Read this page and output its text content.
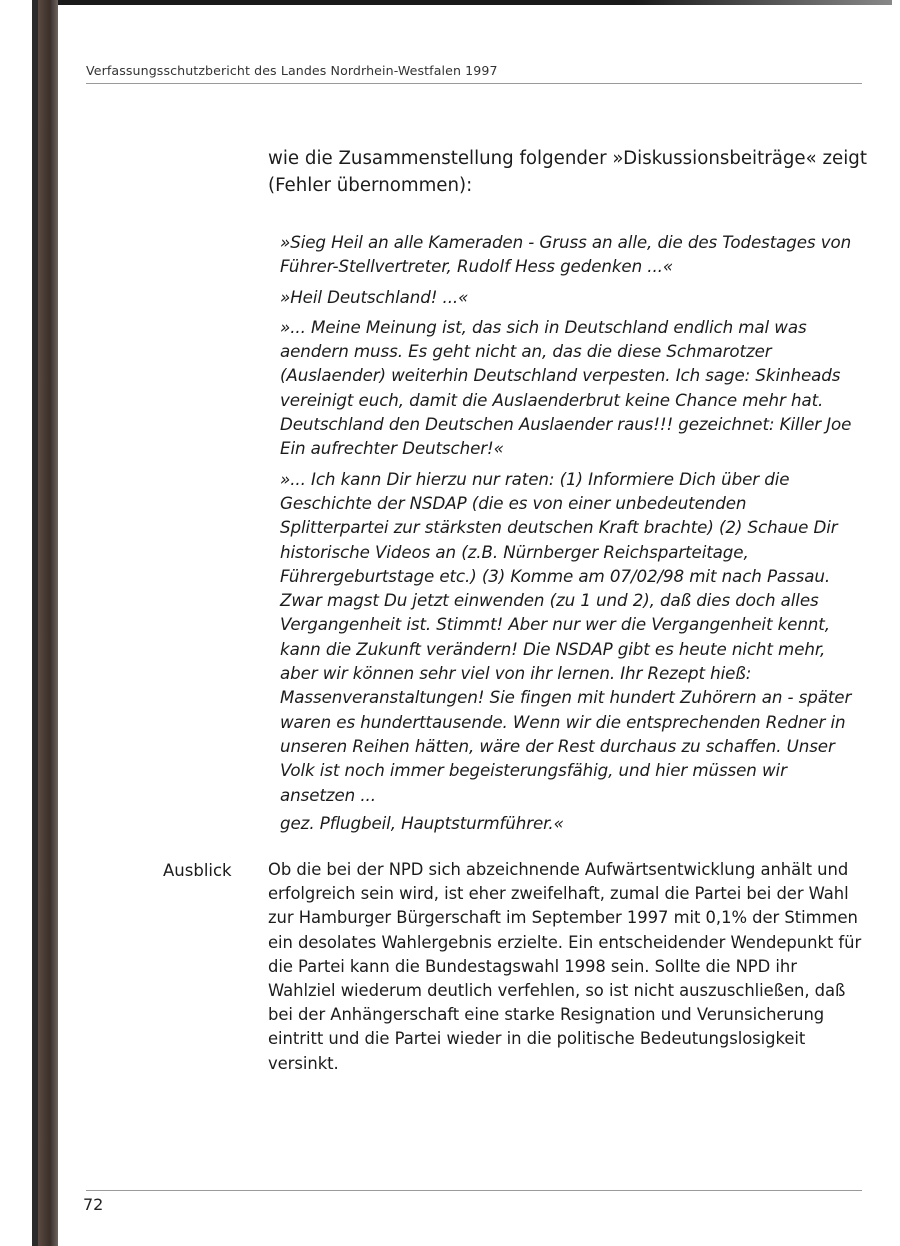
Verfassungsschutzbericht des Landes Nordrhein-Westfalen 1997

wie die Zusammenstellung folgender »Diskussionsbeiträge« zeigt (Fehler übernommen):

»Sieg Heil an alle Kameraden - Gruss an alle, die des Todestages von Führer-Stellvertreter, Rudolf Hess gedenken ...«

»Heil Deutschland! ...«

»... Meine Meinung ist, das sich in Deutschland endlich mal was aendern muss. Es geht nicht an, das die diese Schmarotzer (Auslaender) weiterhin Deutschland verpesten. Ich sage: Skinheads vereinigt euch, damit die Auslaenderbrut keine Chance mehr hat. Deutschland den Deutschen Auslaender raus!!! gezeichnet: Killer Joe Ein aufrechter Deutscher!«

»... Ich kann Dir hierzu nur raten: (1) Informiere Dich über die Geschichte der NSDAP (die es von einer unbedeutenden Splitterpartei zur stärksten deutschen Kraft brachte) (2) Schaue Dir historische Videos an (z.B. Nürnberger Reichsparteitage, Führergeburtstage etc.) (3) Komme am 07/02/98 mit nach Passau. Zwar magst Du jetzt einwenden (zu 1 und 2), daß dies doch alles Vergangenheit ist. Stimmt! Aber nur wer die Vergangenheit kennt, kann die Zukunft verändern! Die NSDAP gibt es heute nicht mehr, aber wir können sehr viel von ihr lernen. Ihr Rezept hieß: Massenveranstaltungen! Sie fingen mit hundert Zuhörern an - später waren es hunderttausende. Wenn wir die entsprechenden Redner in unseren Reihen hätten, wäre der Rest durchaus zu schaffen. Unser Volk ist noch immer begeisterungsfähig, und hier müssen wir ansetzen ...

gez. Pflugbeil, Hauptsturmführer.«

Ausblick Ob die bei der NPD sich abzeichnende Aufwärtsentwicklung anhält und erfolgreich sein wird, ist eher zweifelhaft, zumal die Partei bei der Wahl zur Hamburger Bürgerschaft im September 1997 mit 0,1% der Stimmen ein desolates Wahlergebnis erzielte. Ein entscheidender Wendepunkt für die Partei kann die Bundestagswahl 1998 sein. Sollte die NPD ihr Wahlziel wiederum deutlich verfehlen, so ist nicht auszuschließen, daß bei der Anhängerschaft eine starke Resignation und Verunsicherung eintritt und die Partei wieder in die politische Bedeutungslosigkeit versinkt.

72
